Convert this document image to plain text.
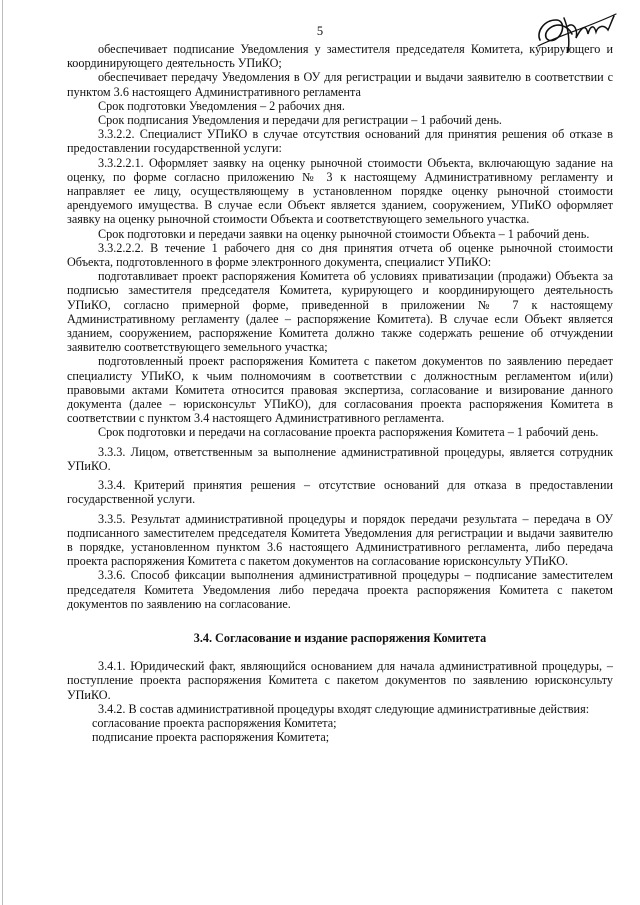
5

обеспечивает подписание Уведомления у заместителя председателя Комитета, курирующего и координирующего деятельность УПиКО;

обеспечивает передачу Уведомления в ОУ для регистрации и выдачи заявителю в соответствии с пунктом 3.6 настоящего Административного регламента

Срок подготовки Уведомления – 2 рабочих дня.

Срок подписания Уведомления и передачи для регистрации – 1 рабочий день.

3.3.2.2. Специалист УПиКО в случае отсутствия оснований для принятия решения об отказе в предоставлении государственной услуги:

3.3.2.2.1. Оформляет заявку на оценку рыночной стоимости Объекта, включающую задание на оценку, по форме согласно приложению № 3 к настоящему Административному регламенту и направляет ее лицу, осуществляющему в установленном порядке оценку рыночной стоимости арендуемого имущества. В случае если Объект является зданием, сооружением, УПиКО оформляет заявку на оценку рыночной стоимости Объекта и соответствующего земельного участка.

Срок подготовки и передачи заявки на оценку рыночной стоимости Объекта – 1 рабочий день.

3.3.2.2.2. В течение 1 рабочего дня со дня принятия отчета об оценке рыночной стоимости Объекта, подготовленного в форме электронного документа, специалист УПиКО:

подготавливает проект распоряжения Комитета об условиях приватизации (продажи) Объекта за подписью заместителя председателя Комитета, курирующего и координирующего деятельность УПиКО, согласно примерной форме, приведенной в приложении № 7 к настоящему Административному регламенту (далее – распоряжение Комитета). В случае если Объект является зданием, сооружением, распоряжение Комитета должно также содержать решение об отчуждении заявителю соответствующего земельного участка;

подготовленный проект распоряжения Комитета с пакетом документов по заявлению передает специалисту УПиКО, к чьим полномочиям в соответствии с должностным регламентом и(или) правовыми актами Комитета относится правовая экспертиза, согласование и визирование данного документа (далее – юрисконсульт УПиКО), для согласования проекта распоряжения Комитета в соответствии с пунктом 3.4 настоящего Административного регламента.

Срок подготовки и передачи на согласование проекта распоряжения Комитета – 1 рабочий день.

3.3.3. Лицом, ответственным за выполнение административной процедуры, является сотрудник УПиКО.

3.3.4. Критерий принятия решения – отсутствие оснований для отказа в предоставлении государственной услуги.

3.3.5. Результат административной процедуры и порядок передачи результата – передача в ОУ подписанного заместителем председателя Комитета Уведомления для регистрации и выдачи заявителю в порядке, установленном пунктом 3.6 настоящего Административного регламента, либо передача проекта распоряжения Комитета с пакетом документов на согласование юрисконсульту УПиКО.

3.3.6. Способ фиксации выполнения административной процедуры – подписание заместителем председателя Комитета Уведомления либо передача проекта распоряжения Комитета с пакетом документов по заявлению на согласование.

3.4. Согласование и издание распоряжения Комитета

3.4.1. Юридический факт, являющийся основанием для начала административной процедуры, – поступление проекта распоряжения Комитета с пакетом документов по заявлению юрисконсульту УПиКО.

3.4.2. В состав административной процедуры входят следующие административные действия:

согласование проекта распоряжения Комитета;

подписание проекта распоряжения Комитета;
